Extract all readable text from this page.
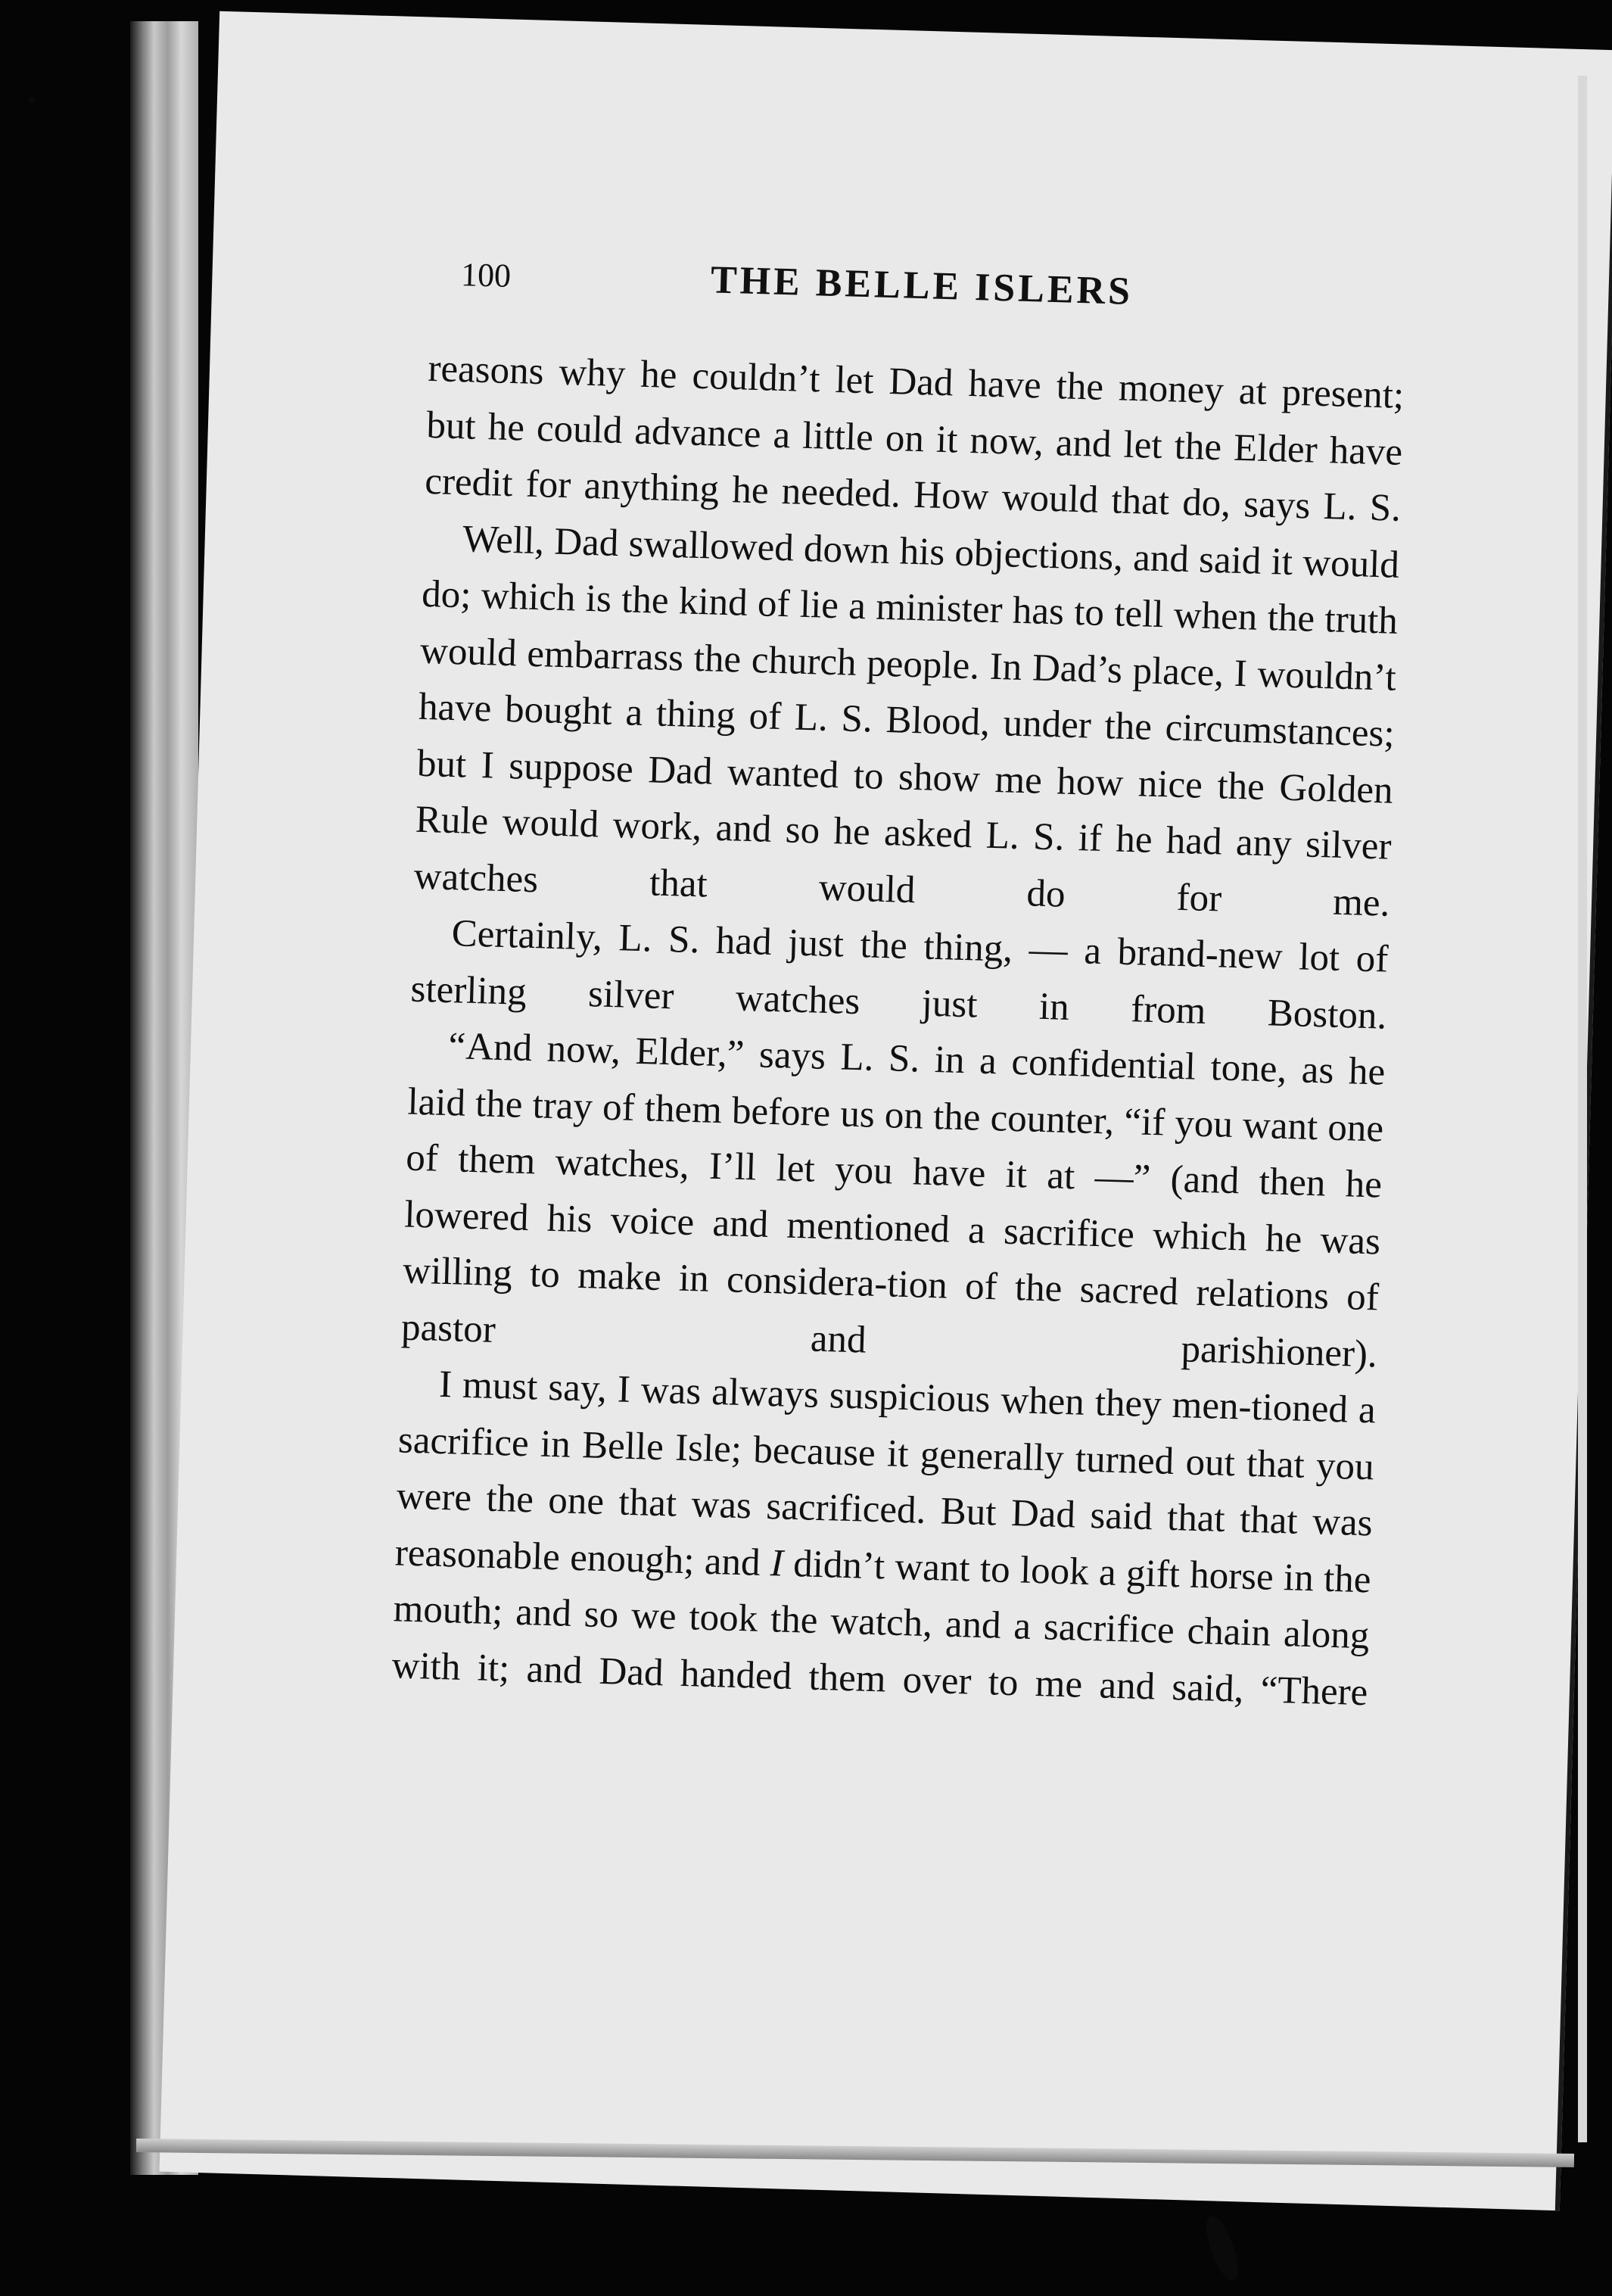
100	THE BELLE ISLERS

reasons why he couldn’t let Dad have the money at present; but he could advance a little on it now, and let the Elder have credit for anything he needed. How would that do, says L. S.

Well, Dad swallowed down his objections, and said it would do; which is the kind of lie a minister has to tell when the truth would embarrass the church people. In Dad’s place, I wouldn’t have bought a thing of L. S. Blood, under the circumstances; but I suppose Dad wanted to show me how nice the Golden Rule would work, and so he asked L. S. if he had any silver watches that would do for me.

Certainly, L. S. had just the thing, — a brand-new lot of sterling silver watches just in from Boston.

“And now, Elder,” says L. S. in a confidential tone, as he laid the tray of them before us on the counter, “if you want one of them watches, I’ll let you have it at —” (and then he lowered his voice and mentioned a sacrifice which he was willing to make in considera-tion of the sacred relations of pastor and parishioner).

I must say, I was always suspicious when they men-tioned a sacrifice in Belle Isle; because it generally turned out that you were the one that was sacrificed. But Dad said that that was reasonable enough; and I didn’t want to look a gift horse in the mouth; and so we took the watch, and a sacrifice chain along with it; and Dad handed them over to me and said, “There
